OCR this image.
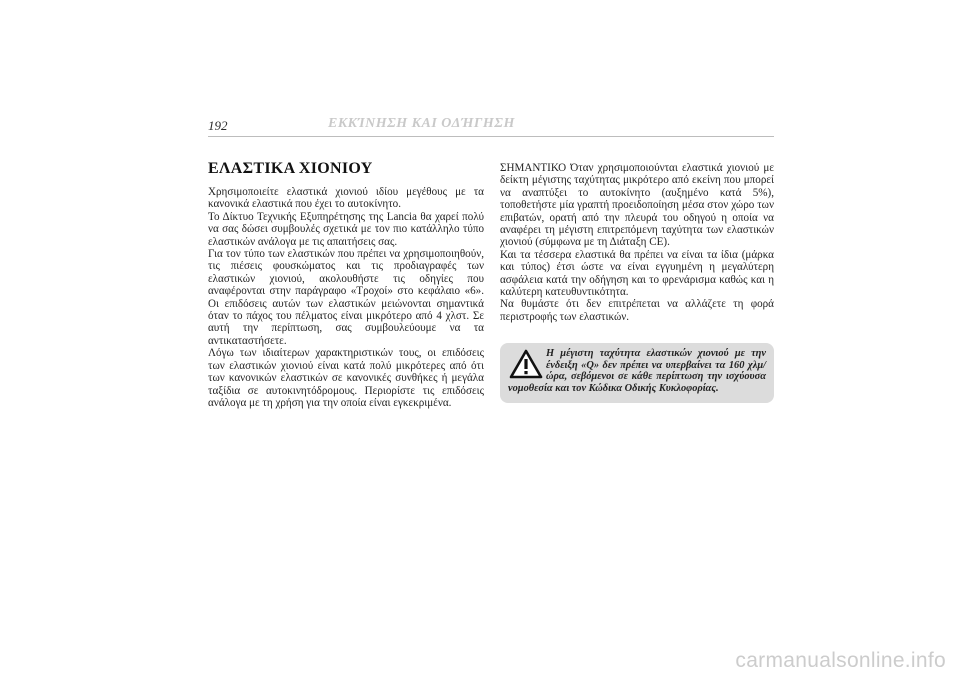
192	ΕΚΚΊΝΗΣΗ ΚΑΙ ΟΔΉΓΗΣΗ
ΕΛΑΣΤΙΚΑ ΧΙΟΝΙΟΥ

Χρησιμοποιείτε ελαστικά χιονιού ιδίου μεγέθους με τα κανονικά ελαστικά που έχει το αυτοκίνητο.

Το Δίκτυο Τεχνικής Εξυπηρέτησης της Lancia θα χαρεί πολύ να σας δώσει συμβουλές σχετικά με τον πιο κατάλληλο τύπο ελαστικών ανάλογα με τις απαιτήσεις σας.

Για τον τύπο των ελαστικών που πρέπει να χρησιμοποιηθούν, τις πιέσεις φουσκώματος και τις προδιαγραφές των ελαστικών χιονιού, ακολουθήστε τις οδηγίες που αναφέρονται στην παράγραφο «Τροχοί» στο κεφάλαιο «6». Οι επιδόσεις αυτών των ελαστικών μειώνονται σημαντικά όταν το πάχος του πέλματος είναι μικρότερο από 4 χλστ. Σε αυτή την περίπτωση, σας συμβουλεύουμε να τα αντικαταστήσετε.

Λόγω των ιδιαίτερων χαρακτηριστικών τους, οι επιδόσεις των ελαστικών χιονιού είναι κατά πολύ μικρότερες από ότι των κανονικών ελαστικών σε κανονικές συνθήκες ή μεγάλα ταξίδια σε αυτοκινητόδρομους. Περιορίστε τις επιδόσεις ανάλογα με τη χρήση για την οποία είναι εγκεκριμένα.

ΣΗΜΑΝΤΙΚΟ Όταν χρησιμοποιούνται ελαστικά χιονιού με δείκτη μέγιστης ταχύτητας μικρότερο από εκείνη που μπορεί να αναπτύξει το αυτοκίνητο (αυξημένο κατά 5%), τοποθετήστε μία γραπτή προειδοποίηση μέσα στον χώρο των επιβατών, ορατή από την πλευρά του οδηγού η οποία να αναφέρει τη μέγιστη επιτρεπόμενη ταχύτητα των ελαστικών χιονιού (σύμφωνα με τη Διάταξη CE).

Και τα τέσσερα ελαστικά θα πρέπει να είναι τα ίδια (μάρκα και τύπος) έτσι ώστε να είναι εγγυημένη η μεγαλύτερη ασφάλεια κατά την οδήγηση και το φρενάρισμα καθώς και η καλύτερη κατευθυντικότητα.

Να θυμάστε ότι δεν επιτρέπεται να αλλάζετε τη φορά περιστροφής των ελαστικών.

Η μέγιστη ταχύτητα ελαστικών χιονιού με την ένδειξη «Q» δεν πρέπει να υπερβαίνει τα 160 χλμ/ώρα, σεβόμενοι σε κάθε περίπτωση την ισχύουσα νομοθεσία και τον Κώδικα Οδικής Κυκλοφορίας.

carmanualsonline.info
